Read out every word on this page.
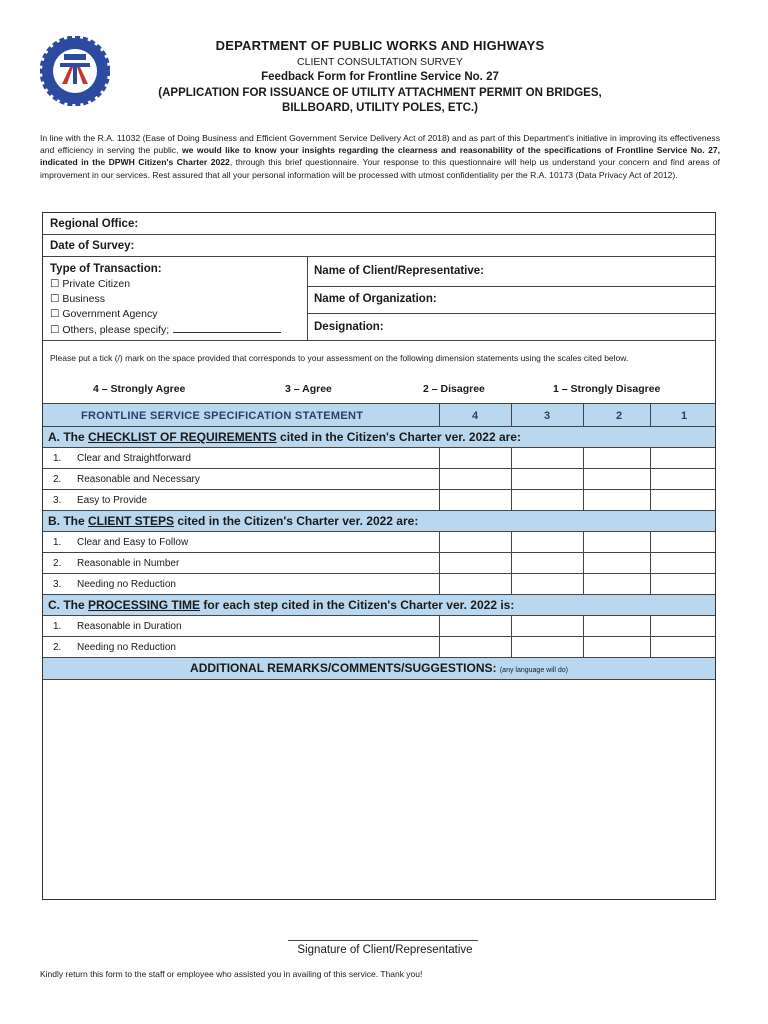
DEPARTMENT OF PUBLIC WORKS AND HIGHWAYS
CLIENT CONSULTATION SURVEY
Feedback Form for Frontline Service No. 27
(APPLICATION FOR ISSUANCE OF UTILITY ATTACHMENT PERMIT ON BRIDGES,
BILLBOARD, UTILITY POLES, ETC.)
In line with the R.A. 11032 (Ease of Doing Business and Efficient Government Service Delivery Act of 2018) and as part of this Department's initiative in improving its effectiveness and efficiency in serving the public, we would like to know your insights regarding the clearness and reasonability of the specifications of Frontline Service No. 27, indicated in the DPWH Citizen's Charter 2022, through this brief questionnaire. Your response to this questionnaire will help us understand your concern and find areas of improvement in our services. Rest assured that all your personal information will be processed with utmost confidentiality per the R.A. 10173 (Data Privacy Act of 2012).
Regional Office:
Date of Survey:
Type of Transaction:
☐ Private Citizen
☐ Business
☐ Government Agency
☐ Others, please specify;
Name of Client/Representative:
Name of Organization:
Designation:
Please put a tick (/) mark on the space provided that corresponds to your assessment on the following dimension statements using the scales cited below.
4 – Strongly Agree	3 – Agree	2 – Disagree	1 – Strongly Disagree
FRONTLINE SERVICE SPECIFICATION STATEMENT	4	3	2	1
A. The CHECKLIST OF REQUIREMENTS cited in the Citizen's Charter ver. 2022 are:
1. Clear and Straightforward
2. Reasonable and Necessary
3. Easy to Provide
B. The CLIENT STEPS cited in the Citizen's Charter ver. 2022 are:
1. Clear and Easy to Follow
2. Reasonable in Number
3. Needing no Reduction
C. The PROCESSING TIME for each step cited in the Citizen's Charter ver. 2022 is:
1. Reasonable in Duration
2. Needing no Reduction
ADDITIONAL REMARKS/COMMENTS/SUGGESTIONS: (any language will do)
Signature of Client/Representative
Kindly return this form to the staff or employee who assisted you in availing of this service. Thank you!
